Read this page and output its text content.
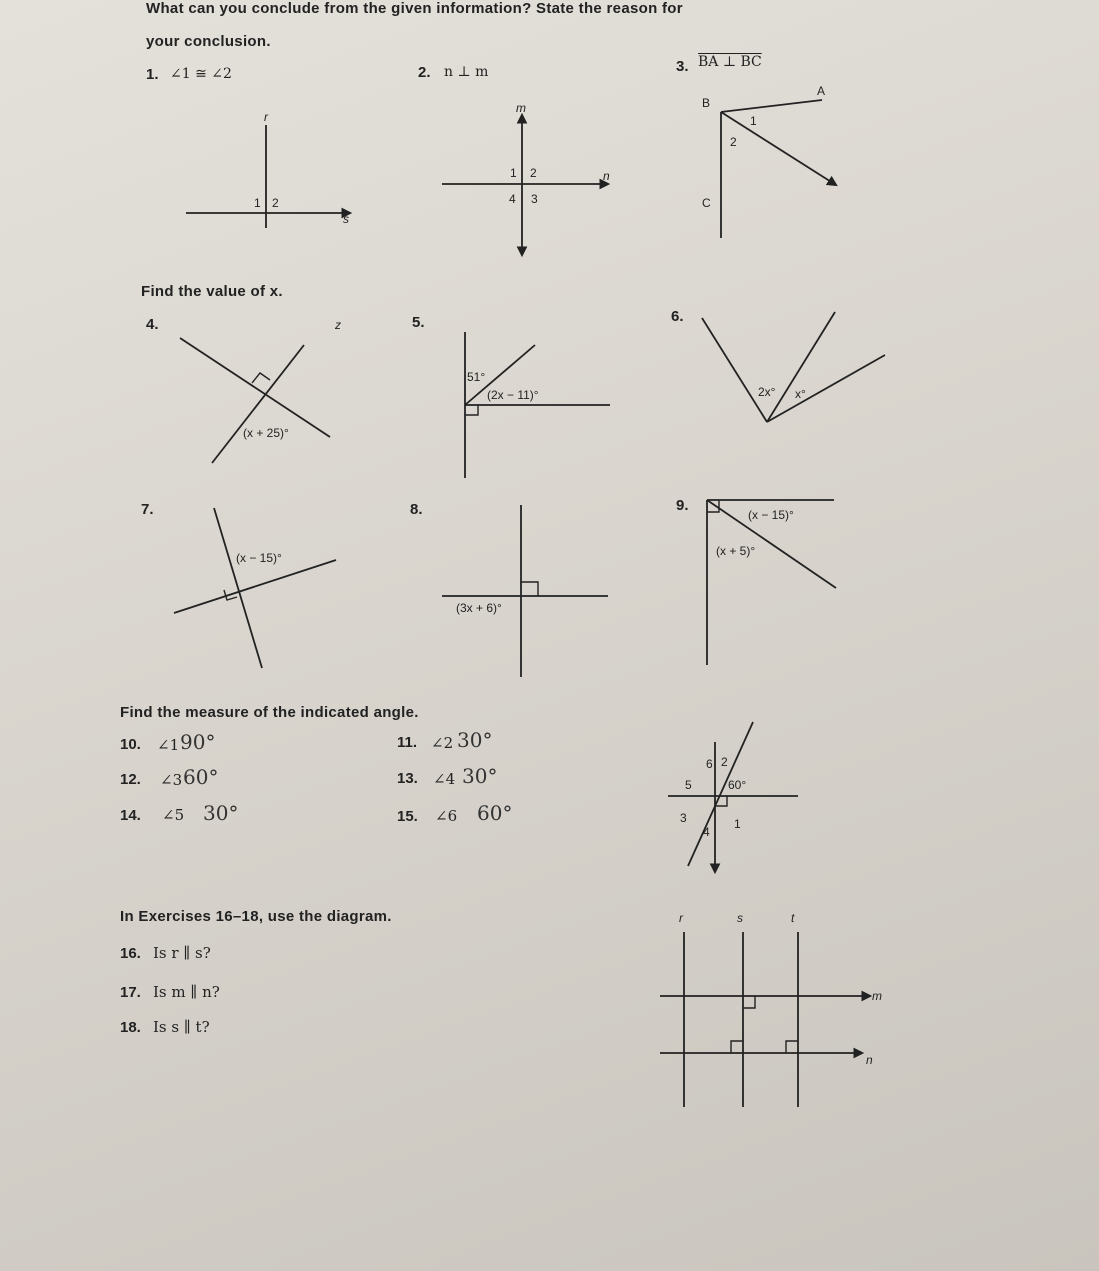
What can you conclude from the given information? State the reason for
your conclusion.
1. ∠1 ≅ ∠2	2. n ⊥ m	3. BA ⊥ BC
Find the value of x.
4.	5.	6.
7.	8.	9.
Find the measure of the indicated angle.
10. ∠1 90°	11. ∠2 30°
12. ∠3 60°	13. ∠4 30°
14. ∠5 30°	15. ∠6 60°
In Exercises 16–18, use the diagram.
16. Is r ∥ s?
17. Is m ∥ n?
18. Is s ∥ t?
r
s
1 2
m
n
1 2
4 3
B
A
C
1
2
z
(x + 25)°
51°
(2x − 11)°	2x° x°
(x − 15)°
(3x + 6)°
(x − 15)°
(x + 5)°
6 2
5	60°
3	1
4
r	s	t
m
n
